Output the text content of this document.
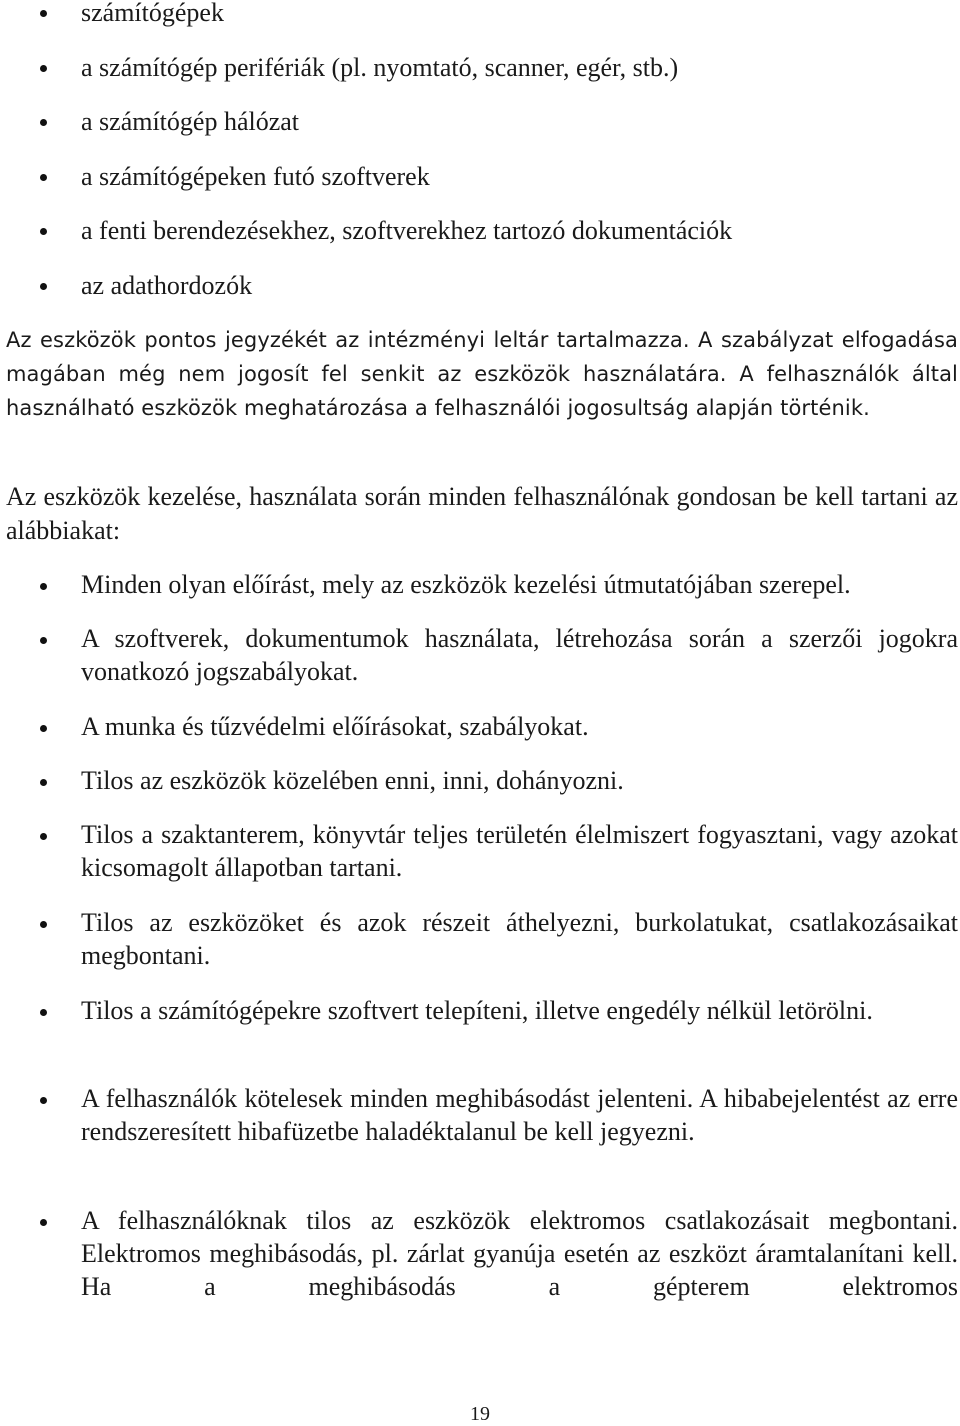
számítógépek
a számítógép perifériák (pl. nyomtató, scanner, egér, stb.)
a számítógép hálózat
a számítógépeken futó szoftverek
a fenti berendezésekhez, szoftverekhez tartozó dokumentációk
az adathordozók

Az eszközök pontos jegyzékét az intézményi leltár tartalmazza. A szabályzat elfogadása magában még nem jogosít fel senkit az eszközök használatára. A felhasználók által használható eszközök meghatározása a felhasználói jogosultság alapján történik.

Az eszközök kezelése, használata során minden felhasználónak gondosan be kell tartani az alábbiakat:

Minden olyan előírást, mely az eszközök kezelési útmutatójában szerepel.
A szoftverek, dokumentumok használata, létrehozása során a szerzői jogokra vonatkozó jogszabályokat.
A munka és tűzvédelmi előírásokat, szabályokat.
Tilos az eszközök közelében enni, inni, dohányozni.
Tilos a szaktanterem, könyvtár teljes területén élelmiszert fogyasztani, vagy azokat kicsomagolt állapotban tartani.
Tilos az eszközöket és azok részeit áthelyezni, burkolatukat, csatlakozásaikat megbontani.
Tilos a számítógépekre szoftvert telepíteni, illetve engedély nélkül letörölni.
A felhasználók kötelesek minden meghibásodást jelenteni. A hibabejelentést az erre rendszeresített hibafüzetbe haladéktalanul be kell jegyezni.
A felhasználóknak tilos az eszközök elektromos csatlakozásait megbontani. Elektromos meghibásodás, pl. zárlat gyanúja esetén az eszközt áramtalanítani kell. Ha a meghibásodás a gépterem elektromos
19
